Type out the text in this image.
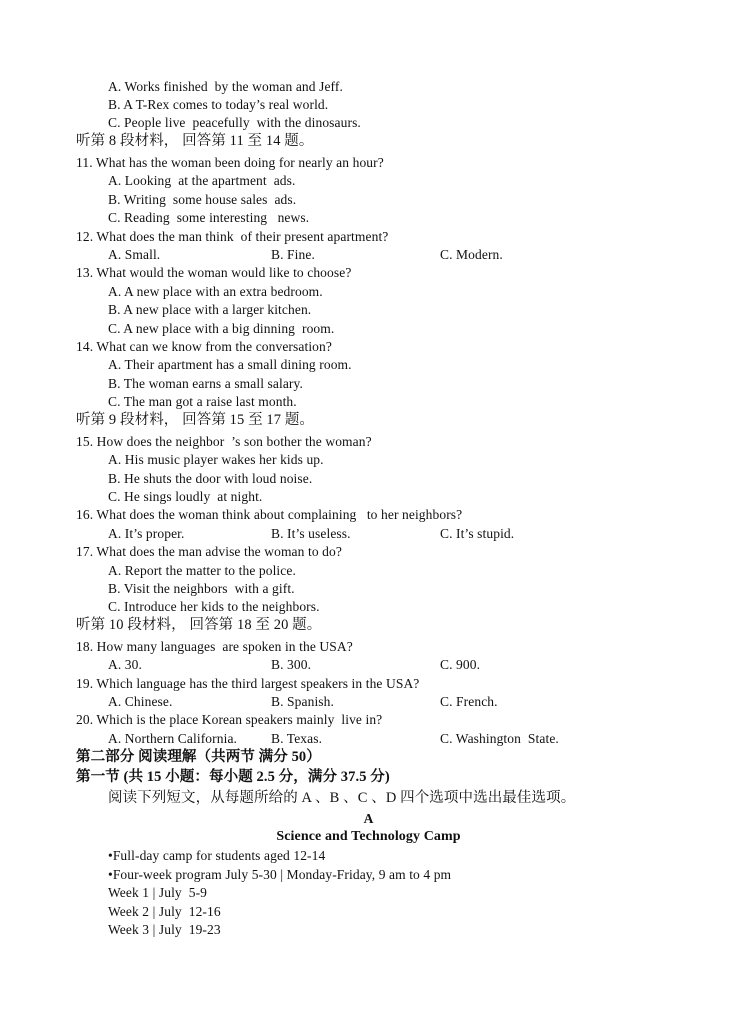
A. Works finished  by the woman and Jeff.
B. A T-Rex comes to today’s real world.
C. People live  peacefully  with the dinosaurs.
听第 8 段材料， 回答第 11 至 14 题。
11. What has the woman been doing for nearly an hour?
A. Looking  at the apartment  ads.
B. Writing  some house sales  ads.
C. Reading  some interesting   news.
12. What does the man think  of their present apartment?
A. Small.	B. Fine.	C. Modern.
13. What would the woman would like to choose?
A. A new place with an extra bedroom.
B. A new place with a larger kitchen.
C. A new place with a big dinning  room.
14. What can we know from the conversation?
A. Their apartment has a small dining room.
B. The woman earns a small salary.
C. The man got a raise last month.
听第 9 段材料， 回答第 15 至 17 题。
15. How does the neighbor  ’s son bother the woman?
A. His music player wakes her kids up.
B. He shuts the door with loud noise.
C. He sings loudly  at night.
16. What does the woman think about complaining   to her neighbors?
A. It’s proper.	B. It’s useless.	C. It’s stupid.
17. What does the man advise the woman to do?
A. Report the matter to the police.
B. Visit the neighbors  with a gift.
C. Introduce her kids to the neighbors.
听第 10 段材料， 回答第 18 至 20 题。
18. How many languages  are spoken in the USA?
A. 30.	B. 300.	C. 900.
19. Which language has the third largest speakers in the USA?
A. Chinese.	B. Spanish.	C. French.
20. Which is the place Korean speakers mainly  live in?
A. Northern California.	B. Texas.	C. Washington  State.
第二部分 阅读理解（共两节 满分 50）
第一节 (共 15 小题：每小题 2.5 分，满分 37.5 分)
阅读下列短文，从每题所给的 A 、B 、C 、D 四个选项中选出最佳选项。
A
Science and Technology Camp
•Full-day camp for students aged 12-14
•Four-week program July 5-30 | Monday-Friday, 9 am to 4 pm
Week 1 | July  5-9
Week 2 | July  12-16
Week 3 | July  19-23
